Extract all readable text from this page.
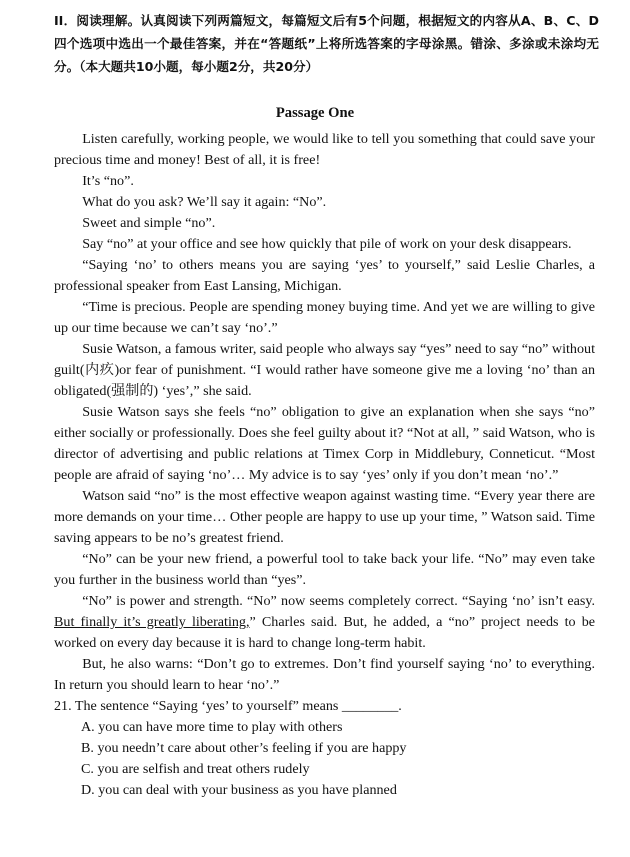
II．阅读理解。认真阅读下列两篇短文，每篇短文后有5个问题，根据短文的内容从A、B、C、D四个选项中选出一个最佳答案，并在“答题纸”上将所选答案的字母涂黑。错涂、多涂或未涂均无分。（本大题共10小题，每小题2分，共20分）
Passage One

Listen carefully, working people, we would like to tell you something that could save your precious time and money! Best of all, it is free!

It’s “no”.

What do you ask? We’ll say it again: “No”.

Sweet and simple “no”.

Say “no” at your office and see how quickly that pile of work on your desk disappears.

“Saying ‘no’ to others means you are saying ‘yes’ to yourself,” said Leslie Charles, a professional speaker from East Lansing, Michigan.

“Time is precious. People are spending money buying time. And yet we are willing to give up our time because we can’t say ‘no’.”

Susie Watson, a famous writer, said people who always say “yes” need to say “no” without guilt(内疚)or fear of punishment. “I would rather have someone give me a loving ‘no’ than an obligated(强制的) ‘yes’,” she said.

Susie Watson says she feels “no” obligation to give an explanation when she says “no” either socially or professionally. Does she feel guilty about it? “Not at all, ” said Watson, who is director of advertising and public relations at Timex Corp in Middlebury, Conneticut. “Most people are afraid of saying ‘no’… My advice is to say ‘yes’ only if you don’t mean ‘no’.”

Watson said “no” is the most effective weapon against wasting time. “Every year there are more demands on your time… Other people are happy to use up your time, ” Watson said. Time saving appears to be no’s greatest friend.

“No” can be your new friend, a powerful tool to take back your life. “No” may even take you further in the business world than “yes”.

“No” is power and strength. “No” now seems completely correct. “Saying ‘no’ isn’t easy. But finally it’s greatly liberating,” Charles said. But, he added, a “no” project needs to be worked on every day because it is hard to change long-term habit.

But, he also warns: “Don’t go to extremes. Don’t find yourself saying ‘no’ to everything. In return you should learn to hear ‘no’.”

21. The sentence “Saying ‘yes’ to yourself” means ________.

A. you can have more time to play with others

B. you needn’t care about other’s feeling if you are happy

C. you are selfish and treat others rudely

D. you can deal with your business as you have planned
